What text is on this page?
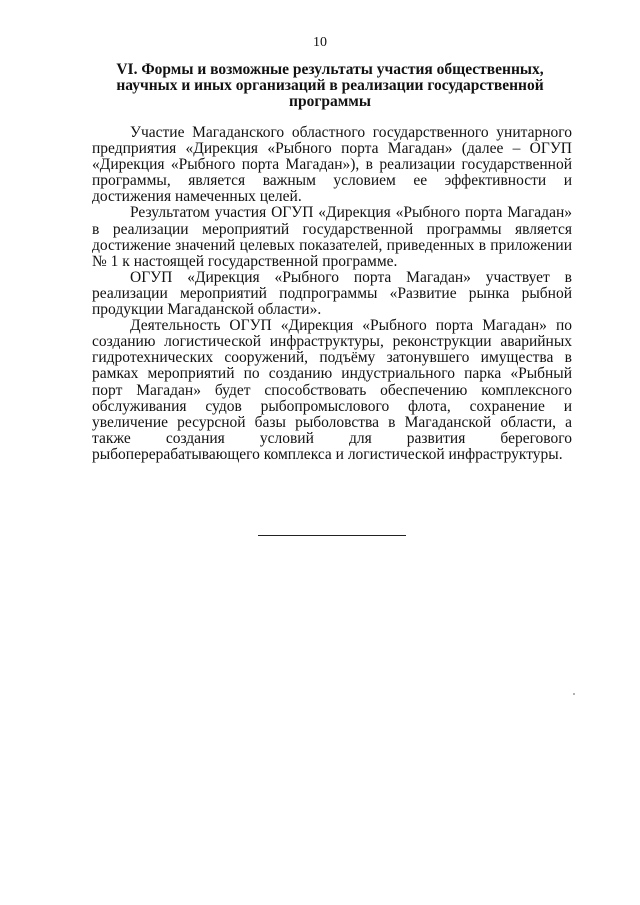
10
VI. Формы и возможные результаты участия общественных, научных и иных организаций в реализации государственной программы

Участие Магаданского областного государственного унитарного предприятия «Дирекция «Рыбного порта Магадан» (далее – ОГУП «Дирекция «Рыбного порта Магадан»), в реализации государственной программы, является важным условием ее эффективности и достижения намеченных целей.

Результатом участия ОГУП «Дирекция «Рыбного порта Магадан» в реализации мероприятий государственной программы является достижение значений целевых показателей, приведенных в приложении № 1 к настоящей государственной программе.

ОГУП «Дирекция «Рыбного порта Магадан» участвует в реализации мероприятий подпрограммы «Развитие рынка рыбной продукции Магаданской области».

Деятельность ОГУП «Дирекция «Рыбного порта Магадан» по созданию логистической инфраструктуры, реконструкции аварийных гидротехнических сооружений, подъёму затонувшего имущества в рамках мероприятий по созданию индустриального парка «Рыбный порт Магадан» будет способствовать обеспечению комплексного обслуживания судов рыбопромыслового флота, сохранение и увеличение ресурсной базы рыболовства в Магаданской области, а также создания условий для развития берегового рыбоперерабатывающего комплекса и логистической инфраструктуры.
